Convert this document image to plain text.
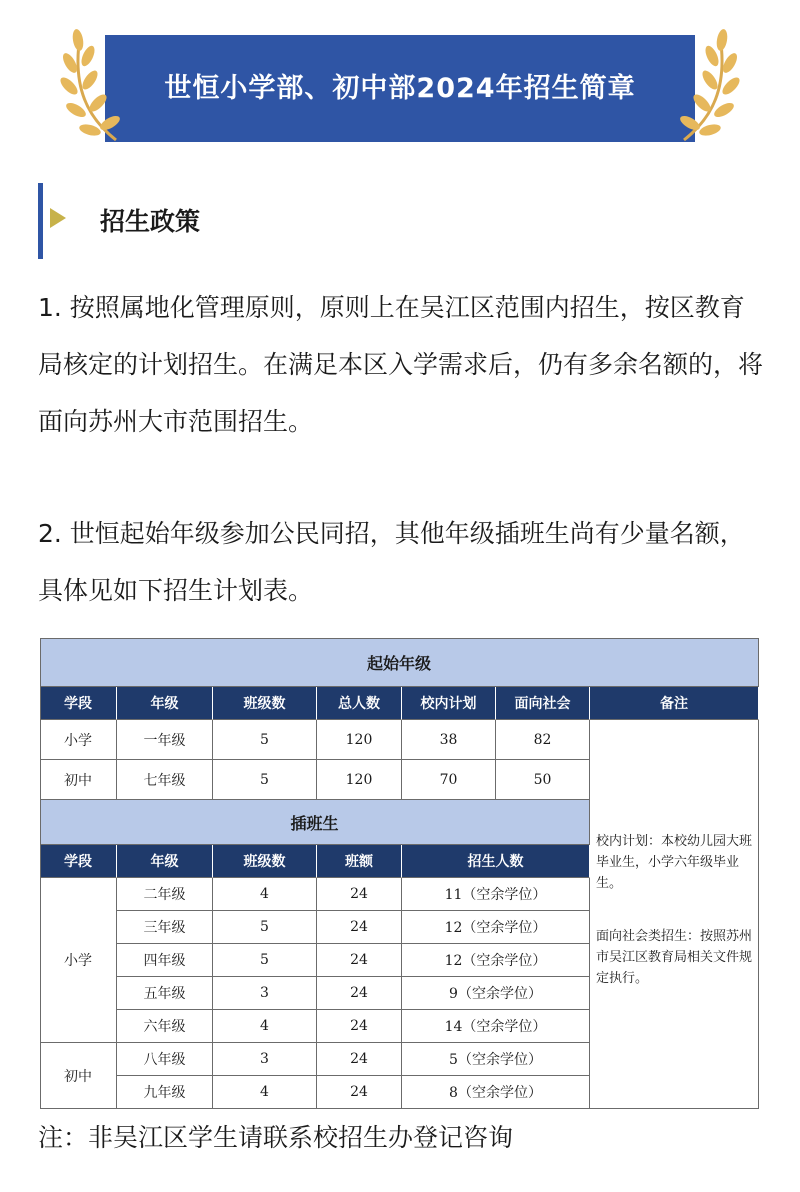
世恒小学部、初中部2024年招生简章
招生政策
1. 按照属地化管理原则，原则上在吴江区范围内招生，按区教育局核定的计划招生。在满足本区入学需求后，仍有多余名额的，将面向苏州大市范围招生。
2. 世恒起始年级参加公民同招，其他年级插班生尚有少量名额，具体见如下招生计划表。
起始年级
学段	年级	班级数	总人数	校内计划	面向社会	备注
小学	一年级	5	120	38	82
初中	七年级	5	120	70	50
插班生
学段	年级	班级数	班额	招生人数
小学
二年级	4	24	11（空余学位）
三年级	5	24	12（空余学位）
四年级	5	24	12（空余学位）
五年级	3	24	9（空余学位）
六年级	4	24	14（空余学位）
初中
八年级	3	24	5（空余学位）
九年级	4	24	8（空余学位）

校内计划：本校幼儿园大班毕业生，小学六年级毕业生。

面向社会类招生：按照苏州市吴江区教育局相关文件规定执行。

注：非吴江区学生请联系校招生办登记咨询
